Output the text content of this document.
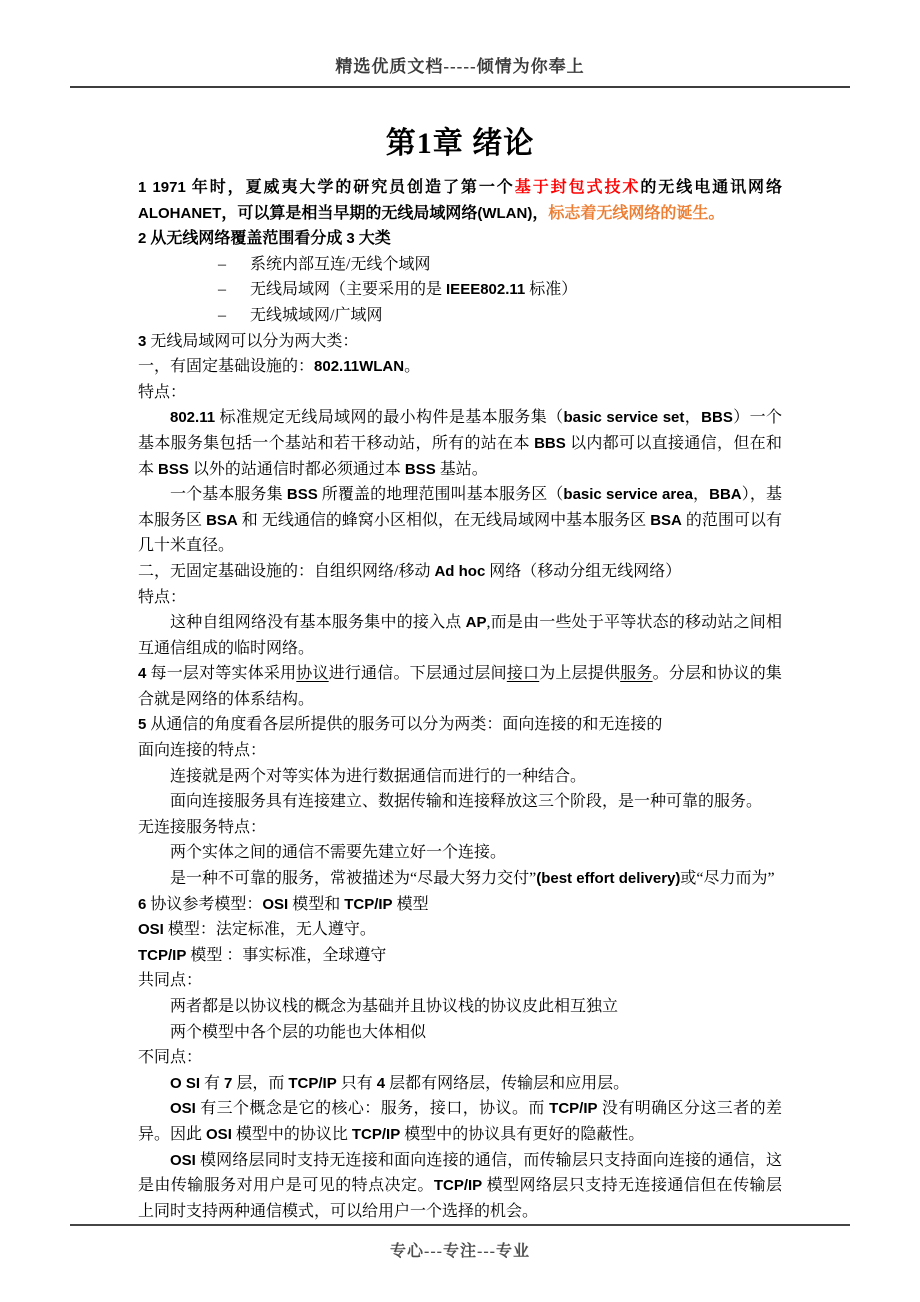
精选优质文档-----倾情为你奉上
第1章 绪论
1 1971 年时，夏威夷大学的研究员创造了第一个基于封包式技术的无线电通讯网络 ALOHANET，可以算是相当早期的无线局域网络(WLAN)，标志着无线网络的诞生。
2 从无线网络覆盖范围看分成 3 大类
–	系统内部互连/无线个域网
–	无线局域网（主要采用的是 IEEE802.11 标准）
–	无线城域网/广域网
3 无线局域网可以分为两大类：
一，有固定基础设施的：802.11WLAN。
特点：
802.11 标准规定无线局域网的最小构件是基本服务集（basic service set，BBS）一个基本服务集包括一个基站和若干移动站，所有的站在本 BBS 以内都可以直接通信，但在和本 BSS 以外的站通信时都必须通过本 BSS 基站。
一个基本服务集 BSS 所覆盖的地理范围叫基本服务区（basic service area，BBA），基本服务区 BSA 和 无线通信的蜂窝小区相似，在无线局域网中基本服务区 BSA 的范围可以有几十米直径。
二，无固定基础设施的：自组织网络/移动 Ad hoc 网络（移动分组无线网络）
特点：
这种自组网络没有基本服务集中的接入点 AP,而是由一些处于平等状态的移动站之间相互通信组成的临时网络。
4 每一层对等实体采用协议进行通信。下层通过层间接口为上层提供服务。分层和协议的集合就是网络的体系结构。
5 从通信的角度看各层所提供的服务可以分为两类：面向连接的和无连接的
面向连接的特点：
连接就是两个对等实体为进行数据通信而进行的一种结合。
面向连接服务具有连接建立、数据传输和连接释放这三个阶段，是一种可靠的服务。
无连接服务特点：
两个实体之间的通信不需要先建立好一个连接。
是一种不可靠的服务，常被描述为“尽最大努力交付”(best effort delivery)或“尽力而为”
6 协议参考模型：OSI 模型和 TCP/IP 模型
OSI 模型：法定标准，无人遵守。
TCP/IP 模型 ：事实标准，全球遵守
共同点：
两者都是以协议栈的概念为基础并且协议栈的协议皮此相互独立
两个模型中各个层的功能也大体相似
不同点：
O SI 有 7 层，而 TCP/IP 只有 4 层都有网络层，传输层和应用层。
OSI 有三个概念是它的核心：服务，接口，协议。而 TCP/IP 没有明确区分这三者的差异。因此 OSI 模型中的协议比 TCP/IP 模型中的协议具有更好的隐蔽性。
OSI 模网络层同时支持无连接和面向连接的通信，而传输层只支持面向连接的通信，这是由传输服务对用户是可见的特点决定。TCP/IP 模型网络层只支持无连接通信但在传输层上同时支持两种通信模式，可以给用户一个选择的机会。
专心---专注---专业
